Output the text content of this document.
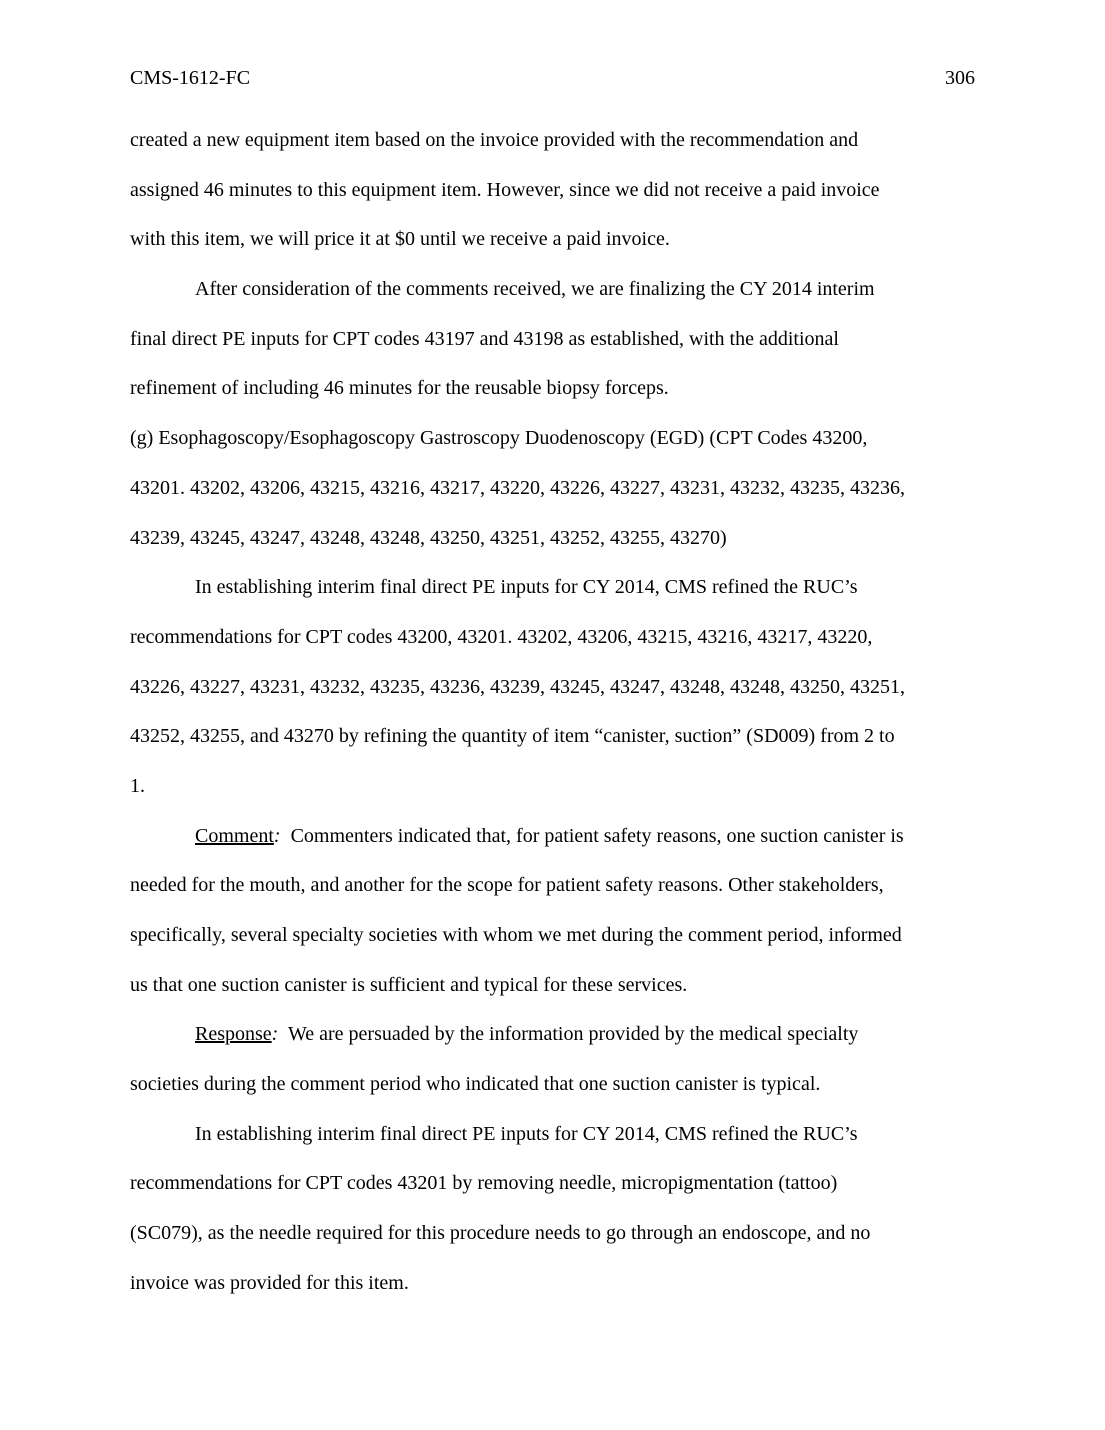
CMS-1612-FC	306
created a new equipment item based on the invoice provided with the recommendation and
assigned 46 minutes to this equipment item. However, since we did not receive a paid invoice
with this item, we will price it at $0 until we receive a paid invoice.
After consideration of the comments received, we are finalizing the CY 2014 interim
final direct PE inputs for CPT codes 43197 and 43198 as established, with the additional
refinement of including 46 minutes for the reusable biopsy forceps.
(g) Esophagoscopy/Esophagoscopy Gastroscopy Duodenoscopy (EGD) (CPT Codes 43200,
43201. 43202, 43206, 43215, 43216, 43217, 43220, 43226, 43227, 43231, 43232, 43235, 43236,
43239, 43245, 43247, 43248, 43248, 43250, 43251, 43252, 43255, 43270)
In establishing interim final direct PE inputs for CY 2014, CMS refined the RUC’s
recommendations for CPT codes 43200, 43201. 43202, 43206, 43215, 43216, 43217, 43220,
43226, 43227, 43231, 43232, 43235, 43236, 43239, 43245, 43247, 43248, 43248, 43250, 43251,
43252, 43255, and 43270 by refining the quantity of item “canister, suction” (SD009) from 2 to
1.
Comment:  Commenters indicated that, for patient safety reasons, one suction canister is
needed for the mouth, and another for the scope for patient safety reasons. Other stakeholders,
specifically, several specialty societies with whom we met during the comment period, informed
us that one suction canister is sufficient and typical for these services.
Response:  We are persuaded by the information provided by the medical specialty
societies during the comment period who indicated that one suction canister is typical.
In establishing interim final direct PE inputs for CY 2014, CMS refined the RUC’s
recommendations for CPT codes 43201 by removing needle, micropigmentation (tattoo)
(SC079), as the needle required for this procedure needs to go through an endoscope, and no
invoice was provided for this item.
